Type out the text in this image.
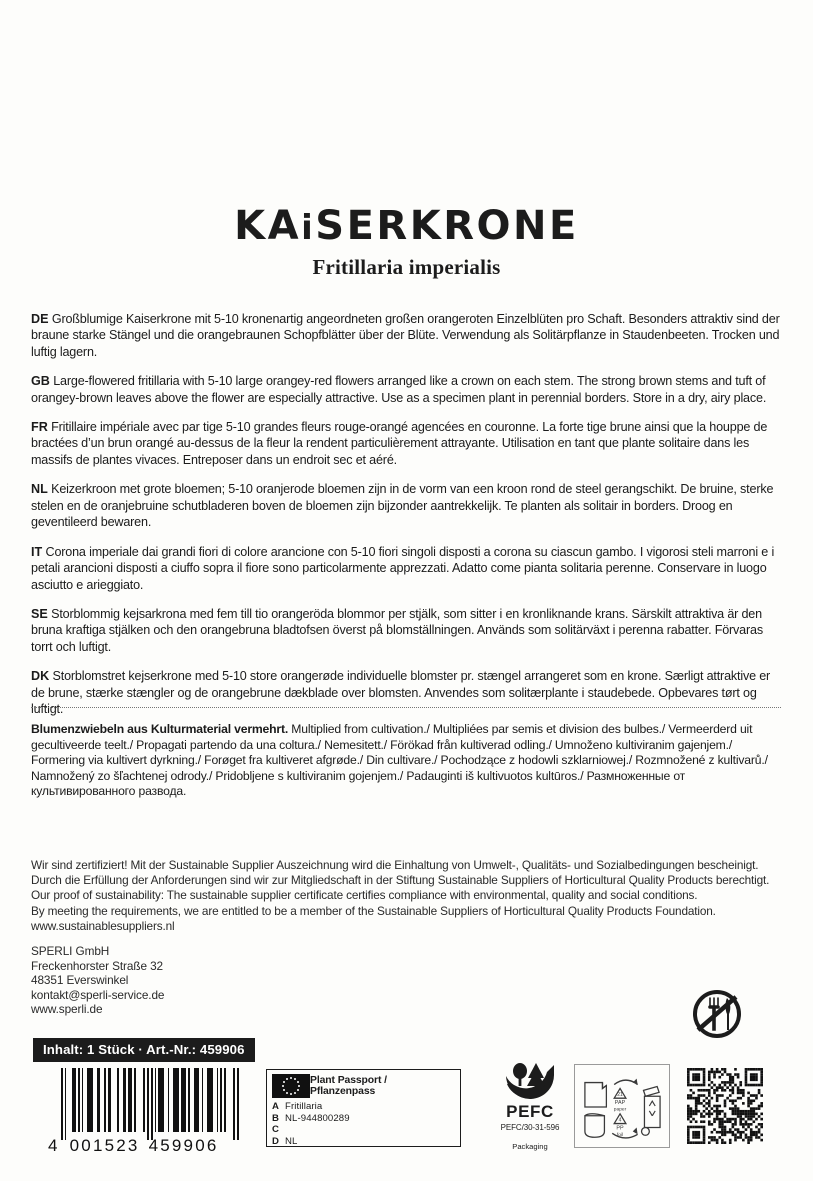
KAiSERKRONE
Fritillaria imperialis

DE Großblumige Kaiserkrone mit 5-10 kronenartig angeordneten großen orangeroten Einzelblüten pro Schaft. Besonders attraktiv sind der braune starke Stängel und die orangebraunen Schopfblätter über der Blüte. Verwendung als Solitärpflanze in Staudenbeeten. Trocken und luftig lagern.

GB Large-flowered fritillaria with 5-10 large orangey-red flowers arranged like a crown on each stem. The strong brown stems and tuft of orangey-brown leaves above the flower are especially attractive. Use as a specimen plant in perennial borders. Store in a dry, airy place.

FR Fritillaire impériale avec par tige 5-10 grandes fleurs rouge-orangé agencées en couronne. La forte tige brune ainsi que la houppe de bractées d’un brun orangé au-dessus de la fleur la rendent particulièrement attrayante. Utilisation en tant que plante solitaire dans les massifs de plantes vivaces. Entreposer dans un endroit sec et aéré.

NL Keizerkroon met grote bloemen; 5-10 oranjerode bloemen zijn in de vorm van een kroon rond de steel gerangschikt. De bruine, sterke stelen en de oranjebruine schutbladeren boven de bloemen zijn bijzonder aantrekkelijk. Te planten als solitair in borders. Droog en geventileerd bewaren.

IT Corona imperiale dai grandi fiori di colore arancione con 5-10 fiori singoli disposti a corona su ciascun gambo. I vigorosi steli marroni e i petali arancioni disposti a ciuffo sopra il fiore sono particolarmente apprezzati. Adatto come pianta solitaria perenne. Conservare in luogo asciutto e arieggiato.

SE Storblommig kejsarkrona med fem till tio orangeröda blommor per stjälk, som sitter i en kronliknande krans. Särskilt attraktiva är den bruna kraftiga stjälken och den orangebruna bladtofsen överst på blomställningen. Används som solitärväxt i perenna rabatter. Förvaras torrt och luftigt.

DK Storblomstret kejserkrone med 5-10 store orangerøde individuelle blomster pr. stængel arrangeret som en krone. Særligt attraktive er de brune, stærke stængler og de orangebrune dækblade over blomsten. Anvendes som solitærplante i staudebede. Opbevares tørt og luftigt.

Blumenzwiebeln aus Kulturmaterial vermehrt. Multiplied from cultivation./ Multipliées par semis et division des bulbes./ Vermeerderd uit gecultiveerde teelt./ Propagati partendo da una coltura./ Nemesitett./ Förökad från kultiverad odling./ Umnoženo kultiviranim gajenjem./ Formering via kultivert dyrkning./ Forøget fra kultiveret afgrøde./ Din cultivare./ Pochodzące z hodowli szklarniowej./ Rozmnožené z kultivarů./ Namnožený zo šľachtenej odrody./ Pridobljene s kultiviranim gojenjem./ Padauginti iš kultivuotos kultūros./ Размноженные от культивированного развода.
Wir sind zertifiziert! Mit der Sustainable Supplier Auszeichnung wird die Einhaltung von Umwelt-, Qualitäts- und Sozialbedingungen bescheinigt.
Durch die Erfüllung der Anforderungen sind wir zur Mitgliedschaft in der Stiftung Sustainable Suppliers of Horticultural Quality Products berechtigt.
Our proof of sustainability: The sustainable supplier certificate certifies compliance with environmental, quality and social conditions.
By meeting the requirements, we are entitled to be a member of the Sustainable Suppliers of Horticultural Quality Products Foundation.
www.sustainablesuppliers.nl
SPERLI GmbH
Freckenhorster Straße 32
48351 Everswinkel
kontakt@sperli-service.de
www.sperli.de
Inhalt: 1 Stück · Art.-Nr.: 459906
4 001523 459906
Plant Passport / Pflanzenpass
A Fritillaria
B NL-944800289
C
D NL
PEFC
PEFC/30-31-596
Packaging
21
PAP
paper
4
PP
foil
